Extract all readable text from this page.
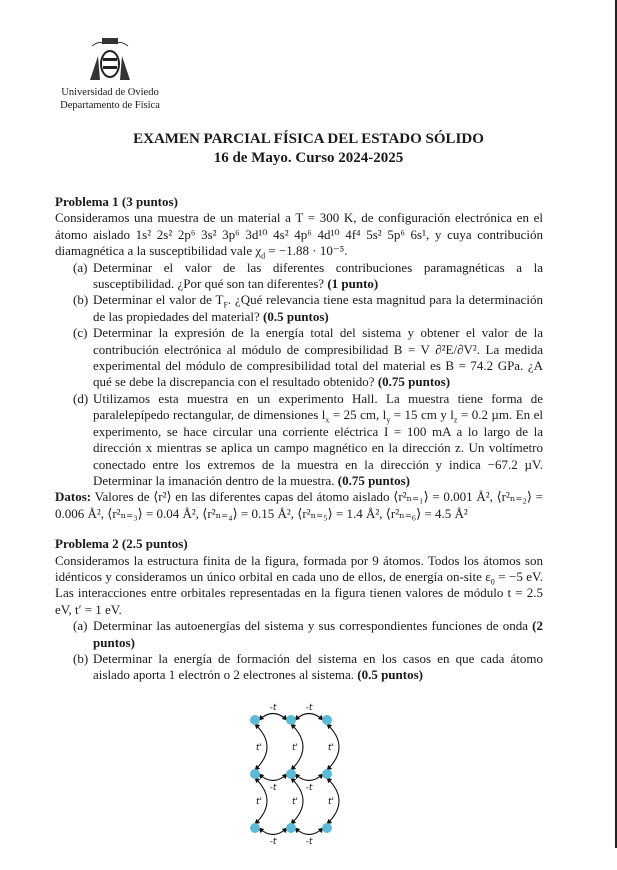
Universidad de Oviedo
Departamento de Física
EXAMEN PARCIAL FÍSICA DEL ESTADO SÓLIDO
16 de Mayo. Curso 2024-2025
Problema 1 (3 puntos)
Consideramos una muestra de un material a T = 300 K, de configuración electrónica en el átomo aislado 1s² 2s² 2p⁶ 3s² 3p⁶ 3d¹⁰ 4s² 4p⁶ 4d¹⁰ 4f⁴ 5s² 5p⁶ 6s¹, y cuya contribución diamagnética a la susceptibilidad vale $\chi_d = -1.88 \cdot 10^{-5}$.
(a) Determinar el valor de las diferentes contribuciones paramagnéticas a la susceptibilidad. ¿Por qué son tan diferentes? (1 punto)
(b) Determinar el valor de $T_F$. ¿Qué relevancia tiene esta magnitud para la determinación de las propiedades del material? (0.5 puntos)
(c) Determinar la expresión de la energía total del sistema y obtener el valor de la contribución electrónica al módulo de compresibilidad B = V ∂²E/∂V². La medida experimental del módulo de compresibilidad total del material es B = 74.2 GPa. ¿A qué se debe la discrepancia con el resultado obtenido? (0.75 puntos)
(d) Utilizamos esta muestra en un experimento Hall. La muestra tiene forma de paralelepípedo rectangular, de dimensiones $l_x = 25$ cm, $l_y = 15$ cm y $l_z = 0.2$ µm. En el experimento, se hace circular una corriente eléctrica I = 100 mA a lo largo de la dirección x mientras se aplica un campo magnético en la dirección z. Un voltímetro conectado entre los extremos de la muestra en la dirección y indica −67.2 µV. Determinar la imanación dentro de la muestra. (0.75 puntos)
Datos: Valores de ⟨r²⟩ en las diferentes capas del átomo aislado ⟨r²ₙ₌₁⟩ = 0.001 Å², ⟨r²ₙ₌₂⟩ = 0.006 Å², ⟨r²ₙ₌₃⟩ = 0.04 Å², ⟨r²ₙ₌₄⟩ = 0.15 Å², ⟨r²ₙ₌₅⟩ = 1.4 Å², ⟨r²ₙ₌₆⟩ = 4.5 Å²
Problema 2 (2.5 puntos)
Consideramos la estructura finita de la figura, formada por 9 átomos. Todos los átomos son idénticos y consideramos un único orbital en cada uno de ellos, de energía on-site $\varepsilon_0 = -5$ eV. Las interacciones entre orbitales representadas en la figura tienen valores de módulo t = 2.5 eV, t′ = 1 eV.
(a) Determinar las autoenergías del sistema y sus correspondientes funciones de onda (2 puntos)
(b) Determinar la energía de formación del sistema en los casos en que cada átomo aislado aporta 1 electrón o 2 electrones al sistema. (0.5 puntos)
-t	-t
-t	-t
-t	-t
t'
t'
t'
t'
t'
t'
